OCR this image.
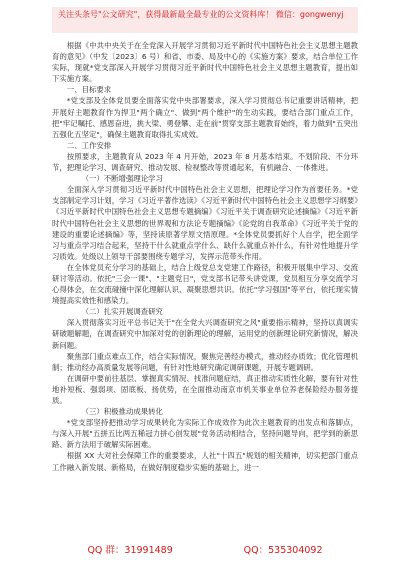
关注头条号"公文研究"，获得最新最全最专业的公文资料库！ 微信：gongwenyj

根据《中共中央关于在全党深入开展学习贯彻习近平新时代中国特色社会主义思想主题教育的意见》（中发〔2023〕6 号）和省、市委、局及中心的《实施方案》要求，结合单位工作实际，现就*党支部深入开展学习贯彻习近平新时代中国特色社会主义思想主题教育，提出如下实施方案。

一、目标要求

*党支部及全体党员要全面落实党中央部署要求，深入学习贯彻总书记重要讲话精神，把开展好主题教育作为捍卫"两个确立"、做到"两个维护"的生动实践，要结合部门重点工作，把"牢记嘱托、感恩奋进，挑大梁、勇登攀、走在前"贯穿支部主题教育始终，着力做到"五突出五强化五坚定"，确保主题教育取得扎实成效。

二、工作安排

按照要求，主题教育从 2023 年 4 月开始，2023 年 8 月基本结束。不划阶段、不分环节，把理论学习、调查研究、推动发展、检视整改等贯通起来，有机融合、一体推进。

（一）不断增强理论学习

全面深入学习贯彻习近平新时代中国特色社会主义思想，把理论学习作为首要任务。*党支部制定学习计划，学习《习近平著作选读》《习近平新时代中国特色社会主义思想学习纲要》《习近平新时代中国特色社会主义思想专题摘编》《习近平关于调查研究论述摘编》《习近平新时代中国特色社会主义思想的世界观和方法论专题摘编》《论党的自我革命》《习近平关于党的建设的重要论述摘编》等，坚持读原著学原文悟原理。*全体党员要抓好个人自学，把全面学习与重点学习结合起来，坚持干什么就重点学什么、缺什么就重点补什么，有针对性地提升学习质效。处级以上领导干部要围绕专题学习，发挥示范带头作用。

在全体党员充分学习的基础上，结合上级党总支党建工作路径，积极开展集中学习、交流研讨等活动。依托"三会一课"、"主题党日"，党支部书记带头讲党课，党员相互分享交流学习心得体会，在交流碰撞中深化理解认识、凝聚思想共识。依托"学习强国"等平台，依托现实情境提高实效性和感染力。

（二）扎实开展调查研究

深入贯彻落实习近平总书记关于"在全党大兴调查研究之风"重要指示精神，坚持以真调实研破题解题，在调查研究中加深对党的创新理论的理解，运用党的创新理论研究新情况，解决新问题。

聚焦部门重点难点工作，结合实际情况，聚焦完善经办模式，推动经办质效；优化管理机制；推动经办高质量发展等问题，有针对性地研究确定调研课题，开展专题调研。

在调研中要前往基层、掌握真实情况、找准问题症结，真正推动实质性化解，要有针对性地补短板、强弱项、固底板、扬优势，在全面推动南京市机关事业单位养老保险经办服务提质。

（三）积极推动成果转化

*党支部坚持把推动学习成果转化为实际工作成效作为此次主题教育的出发点和落脚点，与深入开展"五拼五比两五稀冠力拼心创发展"党务活动相结合，坚持问题导向，把学到的新思路、新方法用于破解实际困难。

根据 XX 大对社会保障工作的重要要求，人社"十四五"规划的相关精神，切实把部门重点工作融入新发展、新格局，在做好制度稳步实施的基础上，进一

QQ 群：31991489	QQ：535304092
